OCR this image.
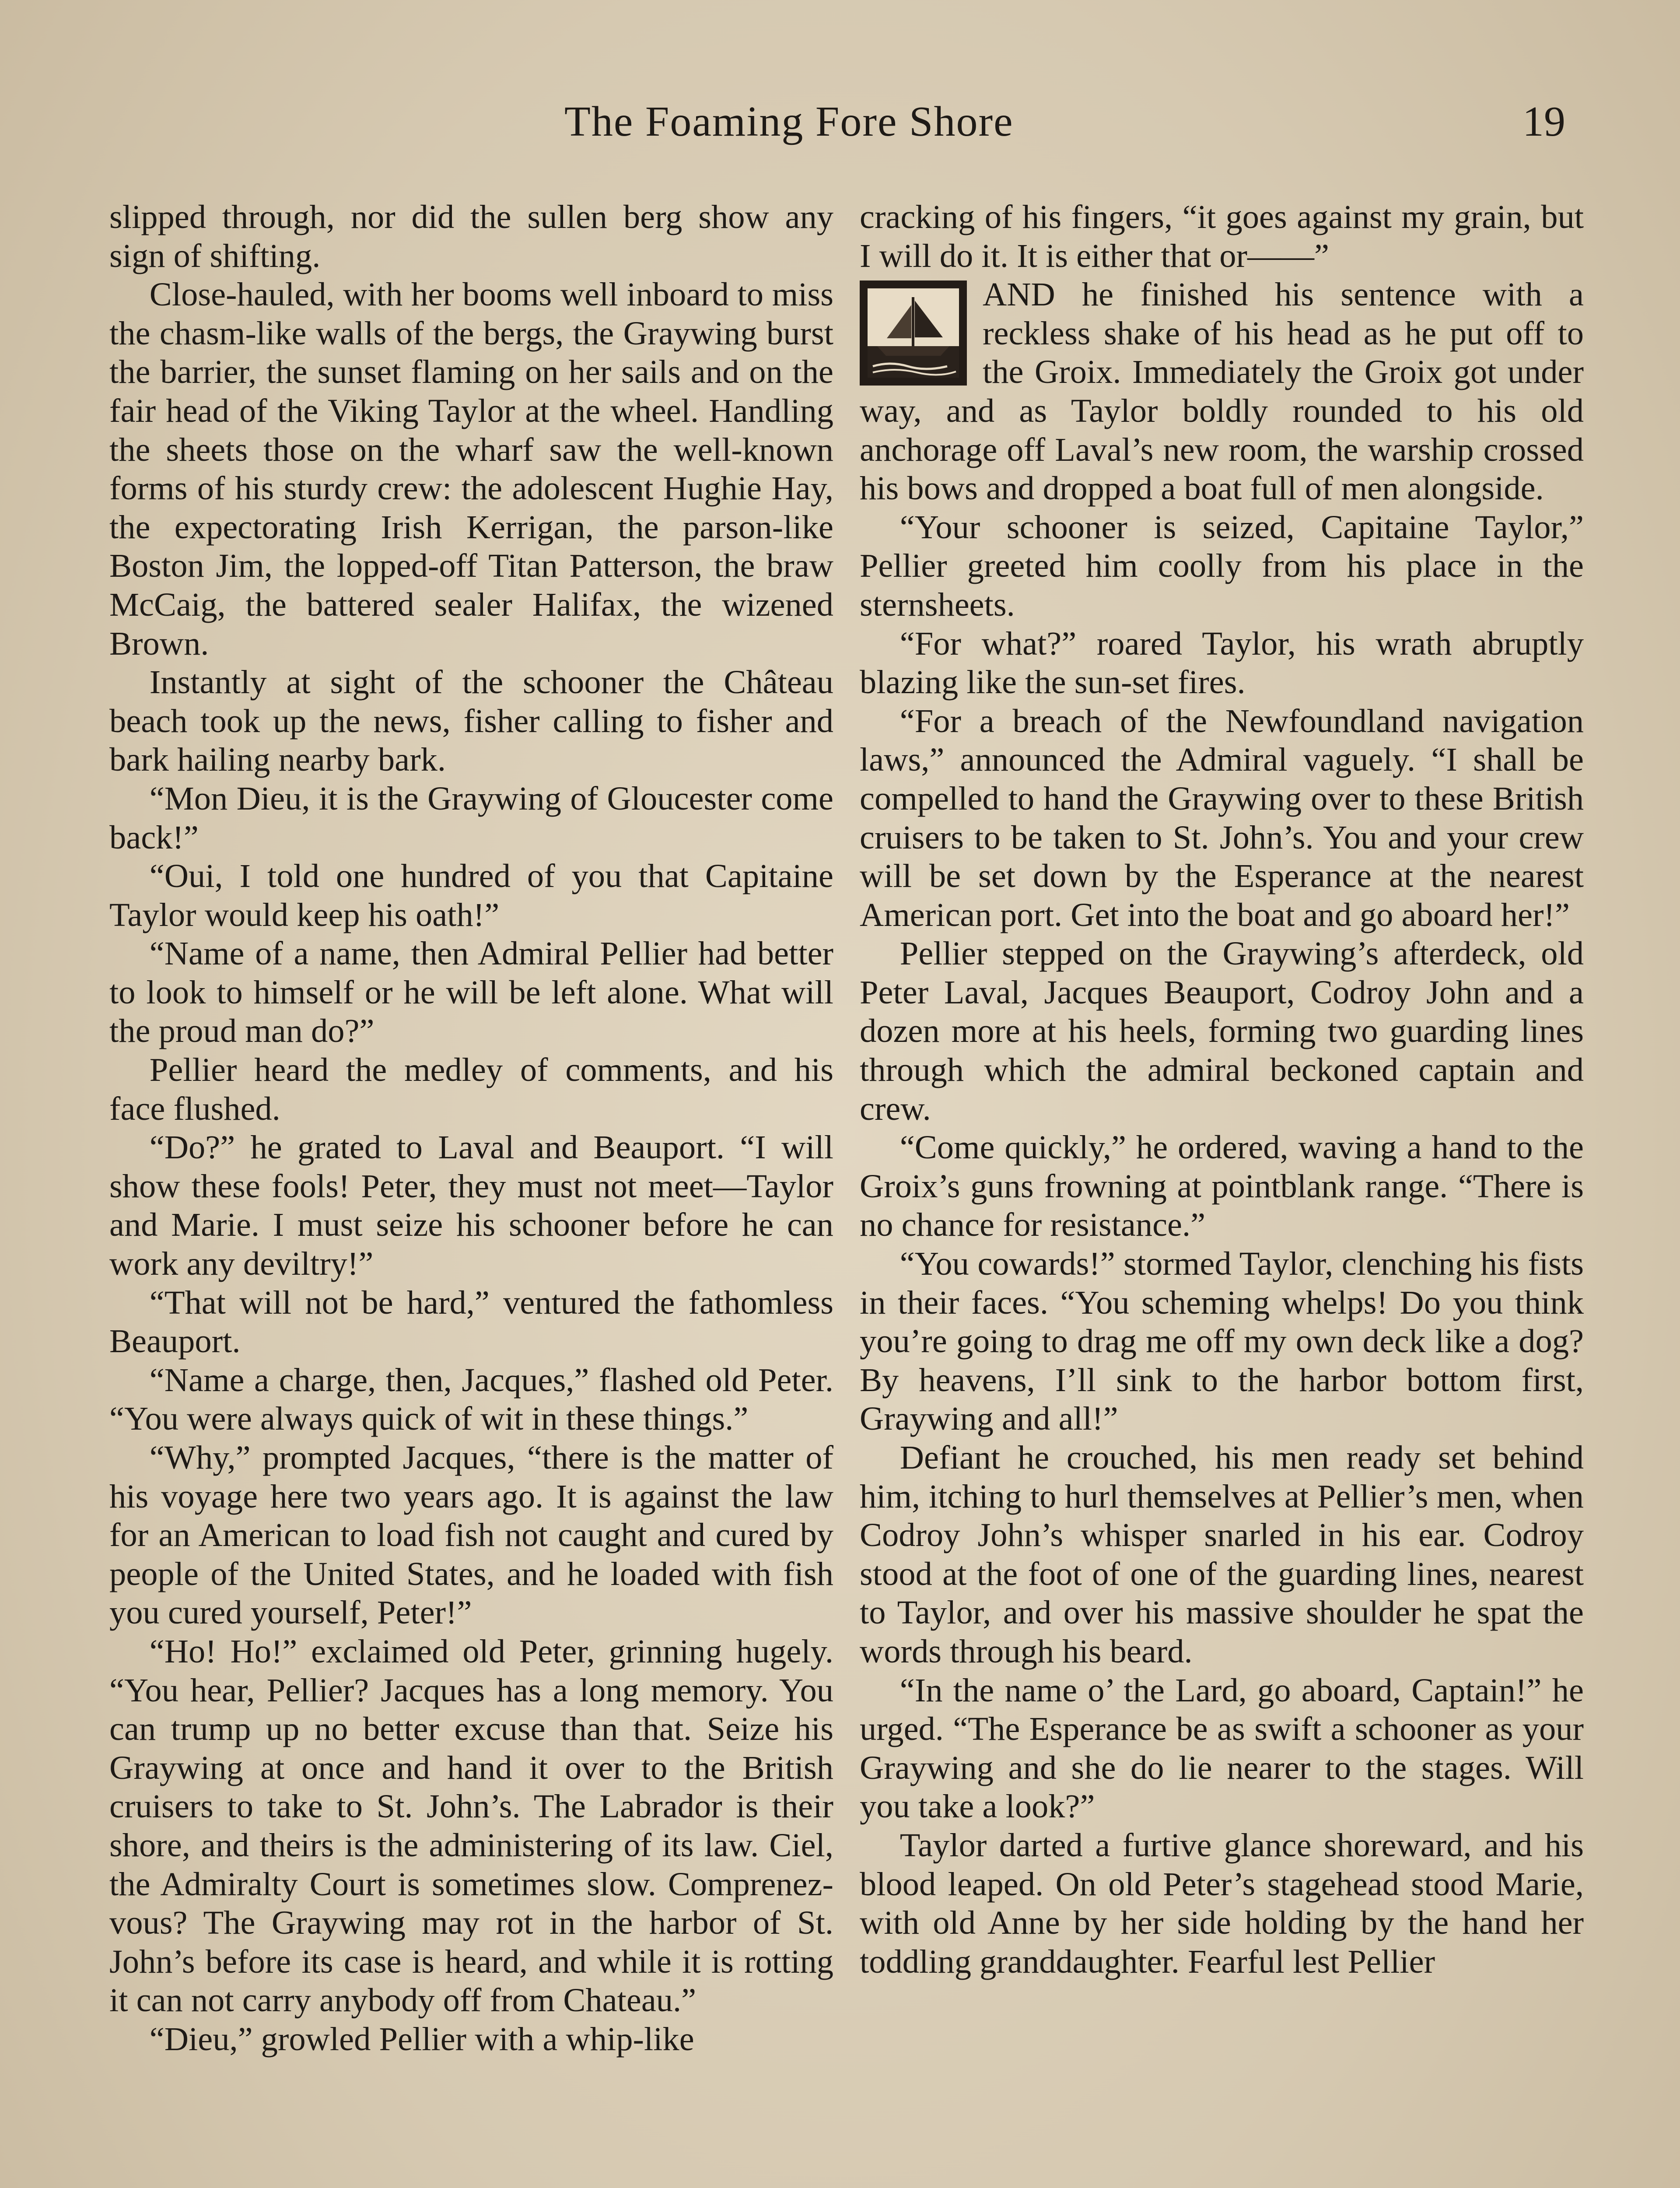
The Foaming Fore Shore	19

slipped through, nor did the sullen berg show any sign of shifting.

Close-hauled, with her booms well inboard to miss the chasm-like walls of the bergs, the Graywing burst the barrier, the sunset flaming on her sails and on the fair head of the Viking Taylor at the wheel. Handling the sheets those on the wharf saw the well-known forms of his sturdy crew: the adolescent Hughie Hay, the expectorating Irish Kerrigan, the parson-like Boston Jim, the lopped-off Titan Patterson, the braw McCaig, the battered sealer Halifax, the wizened Brown.

Instantly at sight of the schooner the Château beach took up the news, fisher calling to fisher and bark hailing nearby bark.

“Mon Dieu, it is the Graywing of Gloucester come back!”

“Oui, I told one hundred of you that Capitaine Taylor would keep his oath!”

“Name of a name, then Admiral Pellier had better to look to himself or he will be left alone. What will the proud man do?”

Pellier heard the medley of comments, and his face flushed.

“Do?” he grated to Laval and Beauport. “I will show these fools! Peter, they must not meet—Taylor and Marie. I must seize his schooner before he can work any deviltry!”

“That will not be hard,” ventured the fathomless Beauport.

“Name a charge, then, Jacques,” flashed old Peter. “You were always quick of wit in these things.”

“Why,” prompted Jacques, “there is the matter of his voyage here two years ago. It is against the law for an American to load fish not caught and cured by people of the United States, and he loaded with fish you cured yourself, Peter!”

“Ho! Ho!” exclaimed old Peter, grinning hugely. “You hear, Pellier? Jacques has a long memory. You can trump up no better excuse than that. Seize his Graywing at once and hand it over to the British cruisers to take to St. John’s. The Labrador is their shore, and theirs is the administering of its law. Ciel, the Admiralty Court is sometimes slow. Comprenez-vous? The Graywing may rot in the harbor of St. John’s before its case is heard, and while it is rotting it can not carry anybody off from Chateau.”

“Dieu,” growled Pellier with a whip-like

cracking of his fingers, “it goes against my grain, but I will do it. It is either that or——”

AND he finished his sentence with a reckless shake of his head as he put off to the Groix. Immediately the Groix got under way, and as Taylor boldly rounded to his old anchorage off Laval’s new room, the warship crossed his bows and dropped a boat full of men alongside.

“Your schooner is seized, Capitaine Taylor,” Pellier greeted him coolly from his place in the sternsheets.

“For what?” roared Taylor, his wrath abruptly blazing like the sun-set fires.

“For a breach of the Newfoundland navigation laws,” announced the Admiral vaguely. “I shall be compelled to hand the Graywing over to these British cruisers to be taken to St. John’s. You and your crew will be set down by the Esperance at the nearest American port. Get into the boat and go aboard her!”

Pellier stepped on the Graywing’s afterdeck, old Peter Laval, Jacques Beauport, Codroy John and a dozen more at his heels, forming two guarding lines through which the admiral beckoned captain and crew.

“Come quickly,” he ordered, waving a hand to the Groix’s guns frowning at pointblank range. “There is no chance for resistance.”

“You cowards!” stormed Taylor, clenching his fists in their faces. “You scheming whelps! Do you think you’re going to drag me off my own deck like a dog? By heavens, I’ll sink to the harbor bottom first, Graywing and all!”

Defiant he crouched, his men ready set behind him, itching to hurl themselves at Pellier’s men, when Codroy John’s whisper snarled in his ear. Codroy stood at the foot of one of the guarding lines, nearest to Taylor, and over his massive shoulder he spat the words through his beard.

“In the name o’ the Lard, go aboard, Captain!” he urged. “The Esperance be as swift a schooner as your Graywing and she do lie nearer to the stages. Will you take a look?”

Taylor darted a furtive glance shoreward, and his blood leaped. On old Peter’s stagehead stood Marie, with old Anne by her side holding by the hand her toddling granddaughter. Fearful lest Pellier
